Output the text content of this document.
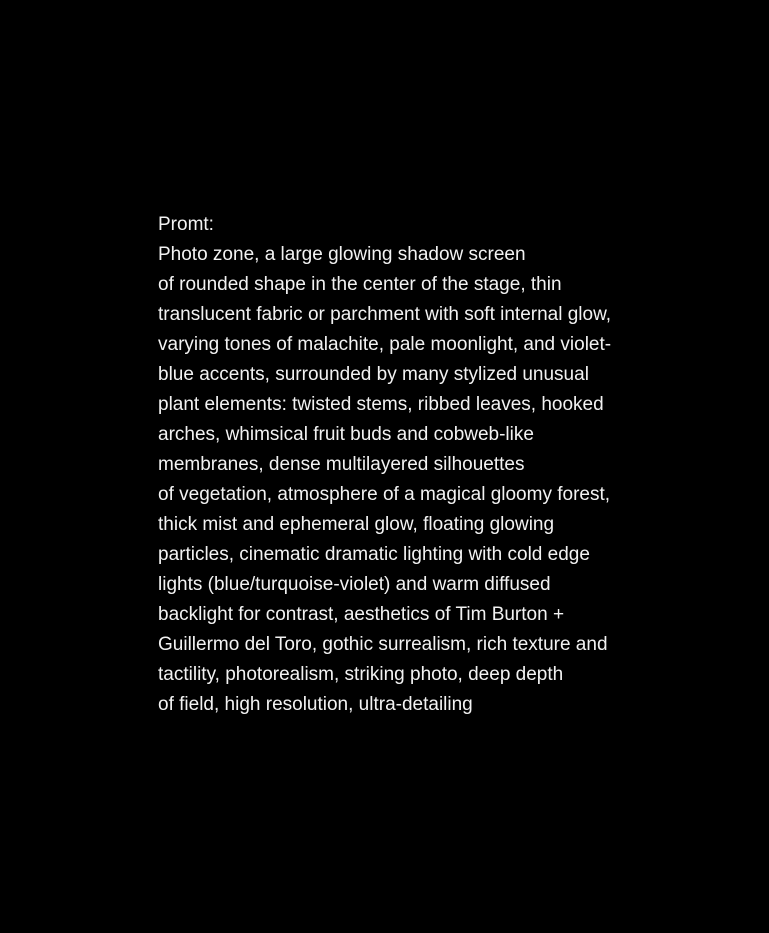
Promt:
Photo zone, a large glowing shadow screen
of rounded shape in the center of the stage, thin
translucent fabric or parchment with soft internal glow,
varying tones of malachite, pale moonlight, and violet-
blue accents, surrounded by many stylized unusual
plant elements: twisted stems, ribbed leaves, hooked
arches, whimsical fruit buds and cobweb-like
membranes, dense multilayered silhouettes
of vegetation, atmosphere of a magical gloomy forest,
thick mist and ephemeral glow, floating glowing
particles, cinematic dramatic lighting with cold edge
lights (blue/turquoise-violet) and warm diffused
backlight for contrast, aesthetics of Tim Burton +
Guillermo del Toro, gothic surrealism, rich texture and
tactility, photorealism, striking photo, deep depth
of field, high resolution, ultra-detailing
